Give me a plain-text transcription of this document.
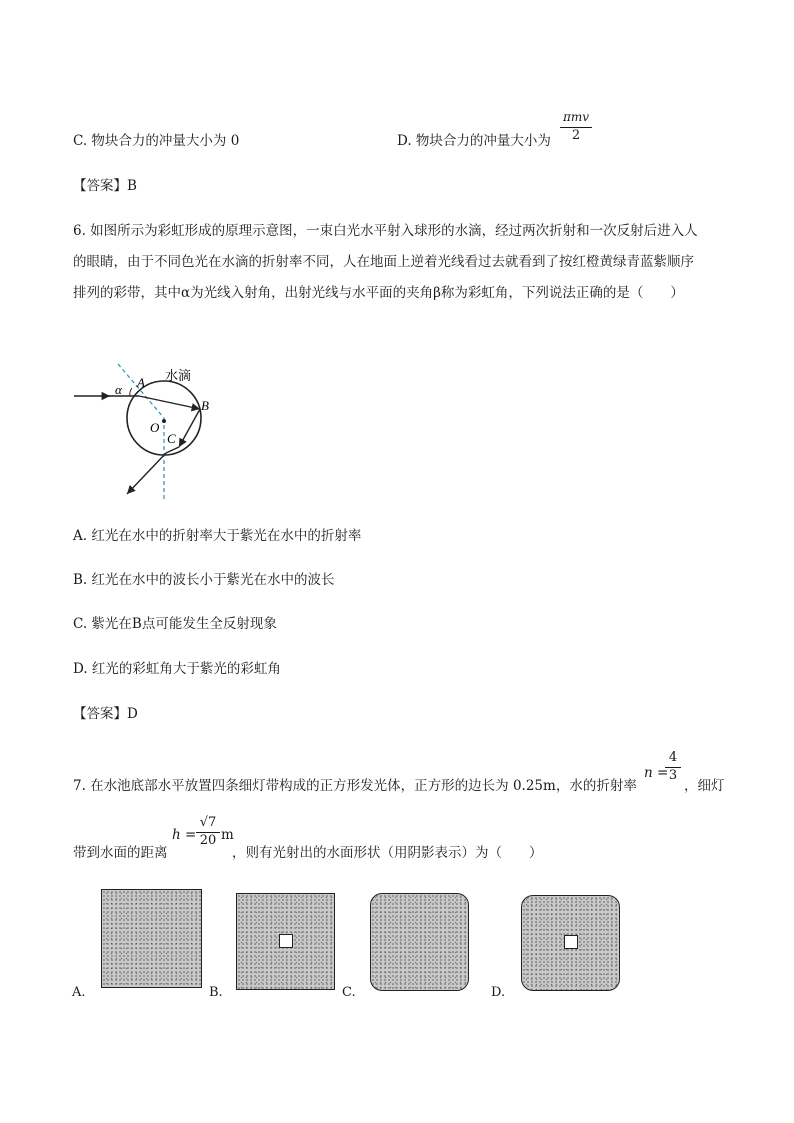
C. 物块合力的冲量大小为 0	D. 物块合力的冲量大小为
πmv
2
【答案】B
6. 如图所示为彩虹形成的原理示意图，一束白光水平射入球形的水滴，经过两次折射和一次反射后进入人
的眼睛，由于不同色光在水滴的折射率不同，人在地面上逆着光线看过去就看到了按红橙黄绿青蓝紫顺序
排列的彩带，其中α为光线入射角，出射光线与水平面的夹角β称为彩虹角，下列说法正确的是（　　）
α A 水滴
B
O
C
A. 红光在水中的折射率大于紫光在水中的折射率
B. 红光在水中的波长小于紫光在水中的波长
C. 紫光在B点可能发生全反射现象
D. 红光的彩虹角大于紫光的彩虹角
【答案】D
7. 在水池底部水平放置四条细灯带构成的正方形发光体，正方形的边长为 0.25m，水的折射率
n =
4
3
，细灯
带到水面的距离
h =
√7
20 m
，则有光射出的水面形状（用阴影表示）为（　　）
A.	B.	C.	D.
